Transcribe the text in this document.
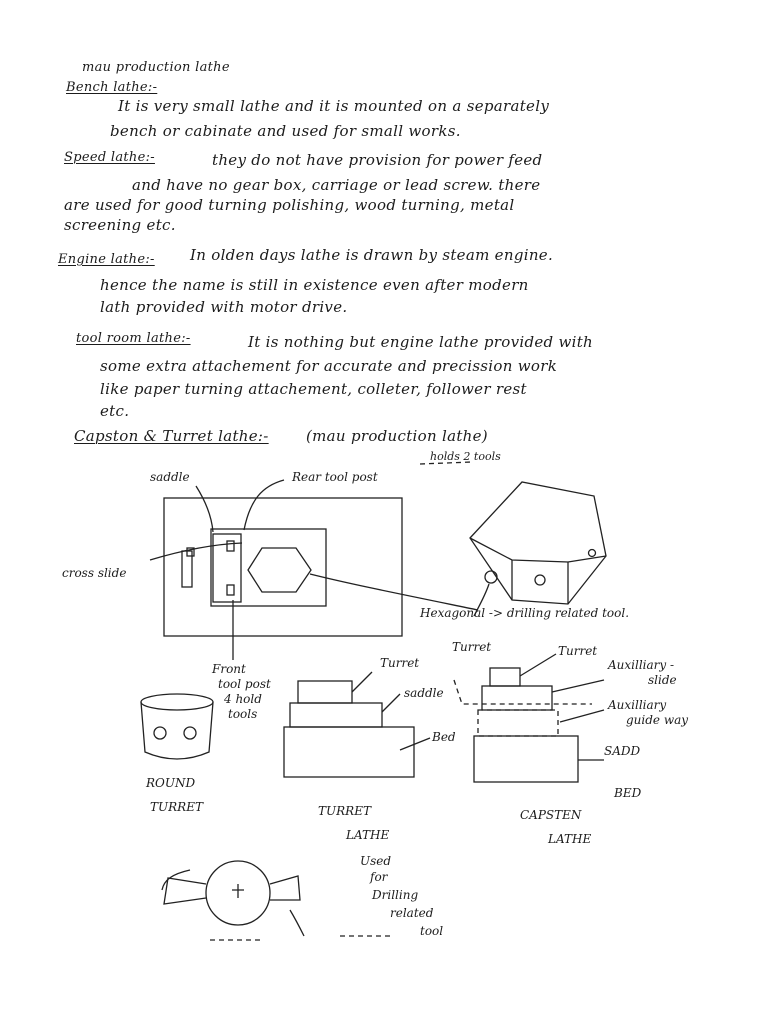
mau production lathe
Bench lathe:-
It is very small lathe and it is mounted on a separately
bench or cabinate and used for small works.
Speed lathe:-	they do not have provision for power feed
and have no gear box, carriage or lead screw. there
are used for good turning polishing, wood turning, metal
screening etc.
Engine lathe:- In olden days lathe is drawn by steam engine.
hence the name is still in existence even after modern
lath provided with motor drive.
tool room lathe:-	It is nothing but engine lathe provided with
some extra attachement for accurate and precission work
like paper turning attachement, colleter, follower rest
etc.
Capston & Turret lathe:- (mau production lathe)
saddle	Rear tool post
holds 2 tools
cross slide
Front
tool post
4 hold
tools
Hexagonal -> drilling related tool.
Turret
saddle
Bed
Turret	Turret
Auxilliary -
slide
Auxilliary
guide way
SADD
BED
ROUND
TURRET	TURRET
LATHE
CAPSTEN
LATHE
Used
for
Drilling
related
tool
